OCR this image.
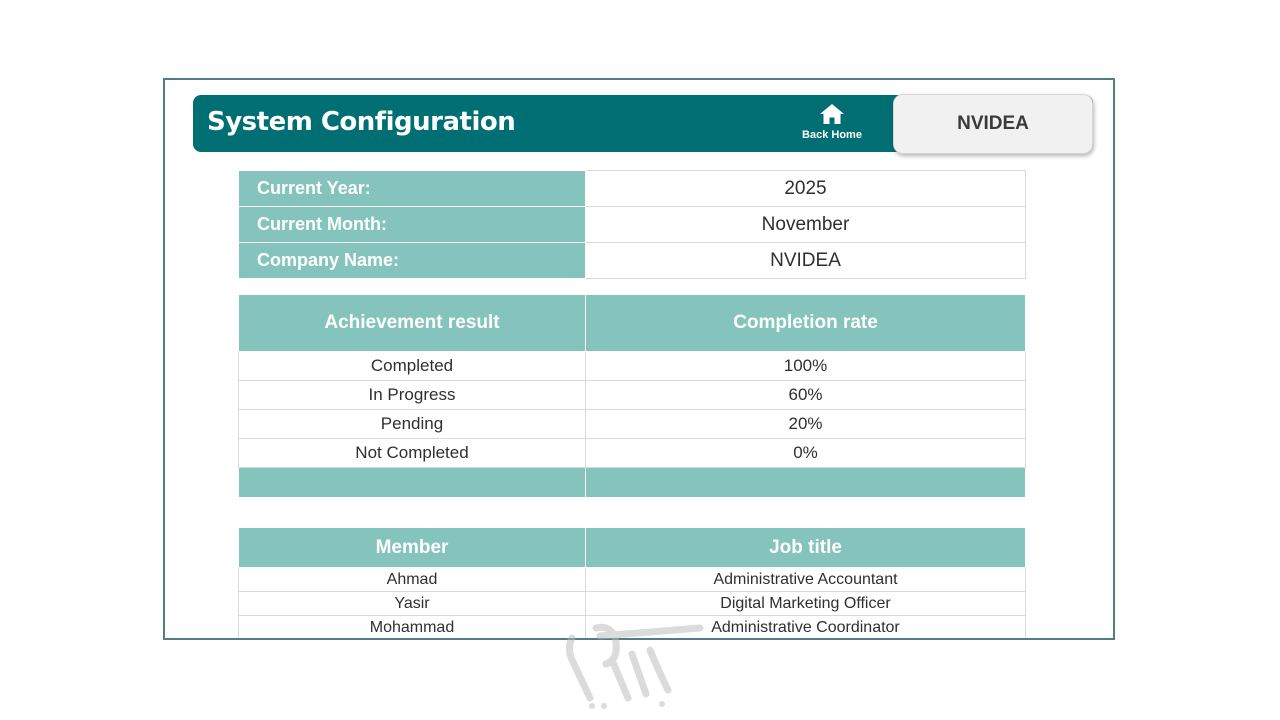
System Configuration	Back Home
NVIDEA
Current Year:	2025
Current Month:	November
Company Name:	NVIDEA
Achievement result	Completion rate
Completed	100%
In Progress	60%
Pending	20%
Not Completed	0%

Member	Job title
Ahmad	Administrative Accountant
Yasir	Digital Marketing Officer
Mohammad	Administrative Coordinator
